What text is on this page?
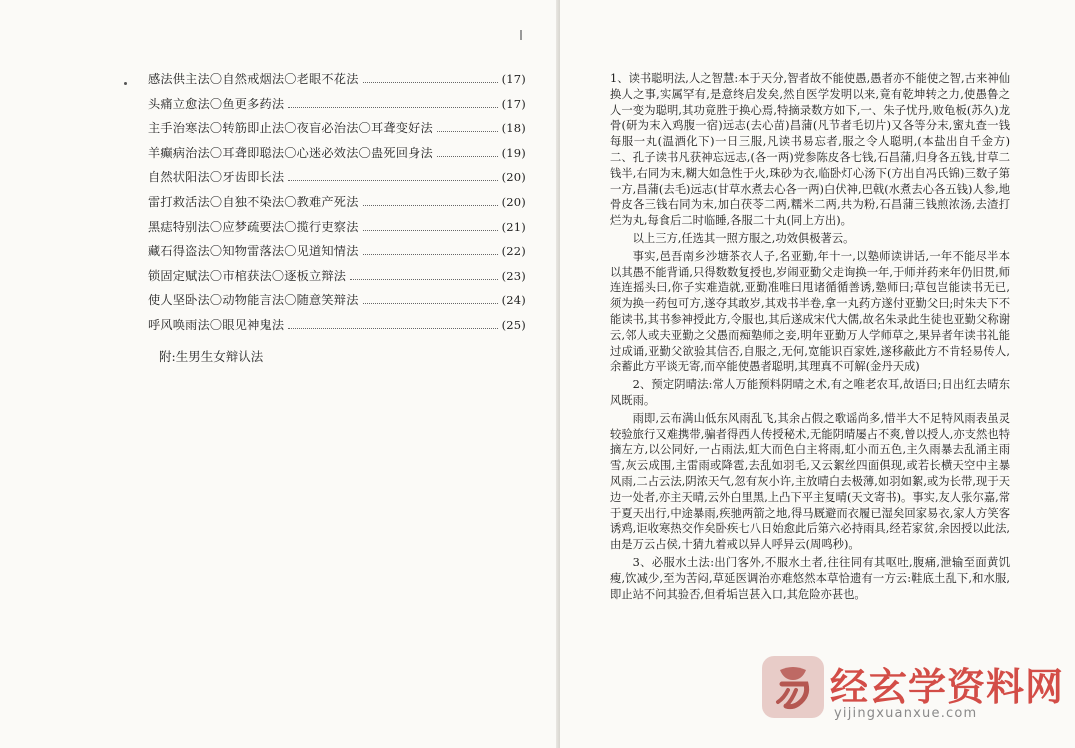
感法供主法〇自然戒烟法〇老眼不花法	(17)
头痛立愈法〇鱼更多药法	(17)
主手治寒法〇转筋即止法〇夜盲必治法〇耳聋变好法	(18)
羊癫病治法〇耳聋即聪法〇心迷必效法〇蛊死回身法	(19)
自然状阳法〇牙齿即长法	(20)
雷打救活法〇自独不染法〇教难产死法	(20)
黑痣特别法〇应梦疏要法〇揽行吏察法	(21)
藏石得盗法〇知物雷落法〇见道知情法	(22)
锁固定赋法〇市棺获法〇逐板立辩法	(23)
使人坚卧法〇动物能言法〇随意笑辩法	(24)
呼风唤雨法〇眼见神鬼法	(25)
附:生男生女辩认法

1、读书聪明法,人之智慧:本于天分,智者故不能使愚,愚者亦不能使之智,古来神仙换人之事,实属罕有,是意终启发矣,然自医学发明以来,竟有乾坤转之力,使愚鲁之人一变为聪明,其功竟胜于换心焉,特摘录数方如下,一、朱子忧丹,败龟板(苏久)龙骨(研为末入鸡腹一宿)远志(去心苗)昌蒲(凡节者毛切片)又各等分末,蜜丸查一钱每服一丸(温酒化下)一日三服,凡读书易忘者,服之令人聪明,(本盐出自千金方)二、孔子读书凡获神忘远志,(各一两)党参陈皮各七钱,石昌蒲,归身各五钱,甘草二钱半,右同为末,糊大如急性于火,珠砂为衣,临卧灯心汤下(方出自冯氏锦)三数子第一方,昌蒲(去毛)远志(甘草水煮去心各一两)白伏神,巴戟(水煮去心各五钱)人参,地骨皮各三钱右同为末,加白茯苓二两,糯米二两,共为粉,石昌蒲三钱煎浓汤,去渣打烂为丸,每食后二时临睡,各服二十丸(同上方出)。

以上三方,任选其一照方服之,功效俱极著云。

事实,邑吾南乡沙塘茶衣人子,名亚勤,年十一,以塾师读讲话,一年不能尽半本以其愚不能背诵,只得数数复授也,岁闹亚勤父走询换一年,于师并药来年仍旧贯,师连连摇头曰,你子实难造就,亚勤准唯曰甩诸循循善诱,塾师曰;草包岂能读书无已,须为换一药包可方,遂夺其敢岁,其戏书半卷,拿一丸药方遂付亚勤父曰;时朱夫下不能读书,其书参神授此方,令服也,其后遂成宋代大儒,故名朱录此生徒也亚勤父称谢云,邻人或夫亚勤之父愚而痴塾师之妾,明年亚勤万人学师草之,果异者年读书礼能过成诵,亚勤父欲验其信否,自服之,无何,宽能识百家姓,遂移蔽此方不肯轻易传人,余蓄此方平谈无寄,而卒能使愚者聪明,其理真不可解(金丹天成)

2、预定阴晴法:常人万能预料阴晴之术,有之唯老农耳,故语曰;日出红去晴东风既雨。

雨即,云布满山低东风雨乱飞,其余占假之歌谣尚多,惜半大不足特风雨表虽灵较验旅行又难携带,骗者得西人传授秘术,无能阴晴屡占不爽,曾以授人,亦支然也特摘左方,以公同好,一占雨法,虹大而色白主将雨,虹小而五色,主久雨暴去乱涌主雨雪,灰云成围,主雷雨或降雹,去乱如羽毛,又云絮丝四面俱现,或若长横天空中主暴风雨,二占云法,阴浓天气,忽有灰小许,主放晴白去极薄,如羽如絮,或为长带,现于天边一处者,亦主天晴,云外白里黑,上凸下平主复晴(天文寄书)。事实,友人张尔嘉,常于夏天出行,中途暴雨,疾驰两箭之地,得马厩避而衣履已湿矣回家易衣,家人方笑客诱鸡,讵收寒热交作矣卧疾七八日始愈此后第六必持雨具,经若家贫,余因授以此法,由是万云占侯,十猜九着戒以异人呼异云(周鸣秒)。

3、必服水土法:出门客外,不服水土者,往往同有其呕吐,腹痛,泄输至面黄饥瘦,饮减少,至为苦闷,草延医调治亦难悠然本草恰遗有一方云:鞋底土乱下,和水服,即止站不问其验否,但肴垢岂甚入口,其危险亦甚也。

经玄学资料网
yijingxuanxue.com
